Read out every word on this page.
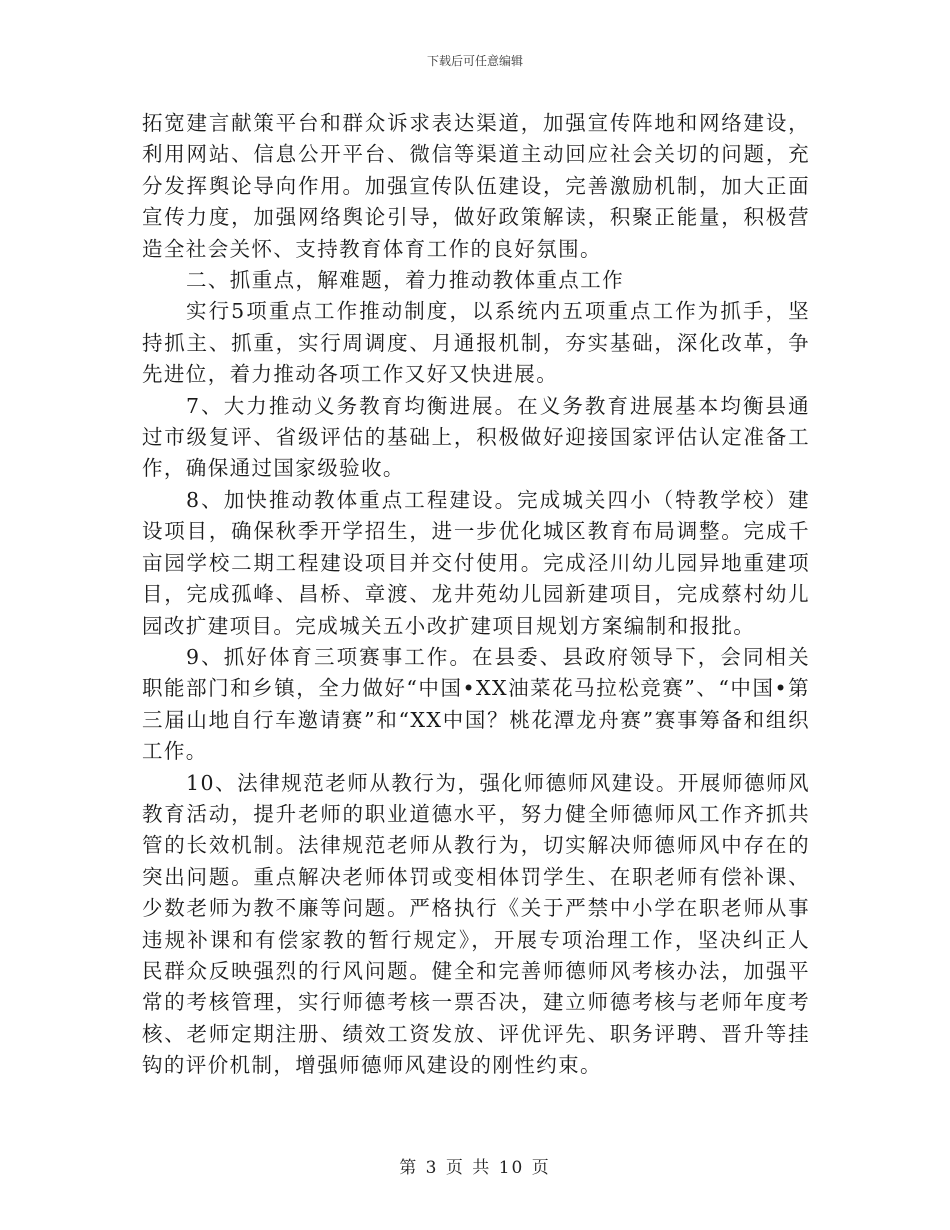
下载后可任意编辑

拓宽建言献策平台和群众诉求表达渠道，加强宣传阵地和网络建设，利用网站、信息公开平台、微信等渠道主动回应社会关切的问题，充分发挥舆论导向作用。加强宣传队伍建设，完善激励机制，加大正面宣传力度，加强网络舆论引导，做好政策解读，积聚正能量，积极营造全社会关怀、支持教育体育工作的良好氛围。

二、抓重点，解难题，着力推动教体重点工作

实行5项重点工作推动制度，以系统内五项重点工作为抓手，坚持抓主、抓重，实行周调度、月通报机制，夯实基础，深化改革，争先进位，着力推动各项工作又好又快进展。

7、大力推动义务教育均衡进展。在义务教育进展基本均衡县通过市级复评、省级评估的基础上，积极做好迎接国家评估认定准备工作，确保通过国家级验收。

8、加快推动教体重点工程建设。完成城关四小（特教学校）建设项目，确保秋季开学招生，进一步优化城区教育布局调整。完成千亩园学校二期工程建设项目并交付使用。完成泾川幼儿园异地重建项目，完成孤峰、昌桥、章渡、龙井苑幼儿园新建项目，完成蔡村幼儿园改扩建项目。完成城关五小改扩建项目规划方案编制和报批。

9、抓好体育三项赛事工作。在县委、县政府领导下，会同相关职能部门和乡镇，全力做好“中国•XX油菜花马拉松竞赛”、“中国•第三届山地自行车邀请赛”和“XX中国？桃花潭龙舟赛”赛事筹备和组织工作。

10、法律规范老师从教行为，强化师德师风建设。开展师德师风教育活动，提升老师的职业道德水平，努力健全师德师风工作齐抓共管的长效机制。法律规范老师从教行为，切实解决师德师风中存在的突出问题。重点解决老师体罚或变相体罚学生、在职老师有偿补课、少数老师为教不廉等问题。严格执行《关于严禁中小学在职老师从事违规补课和有偿家教的暂行规定》，开展专项治理工作，坚决纠正人民群众反映强烈的行风问题。健全和完善师德师风考核办法，加强平常的考核管理，实行师德考核一票否决，建立师德考核与老师年度考核、老师定期注册、绩效工资发放、评优评先、职务评聘、晋升等挂钩的评价机制，增强师德师风建设的刚性约束。

第 3 页 共 10 页
